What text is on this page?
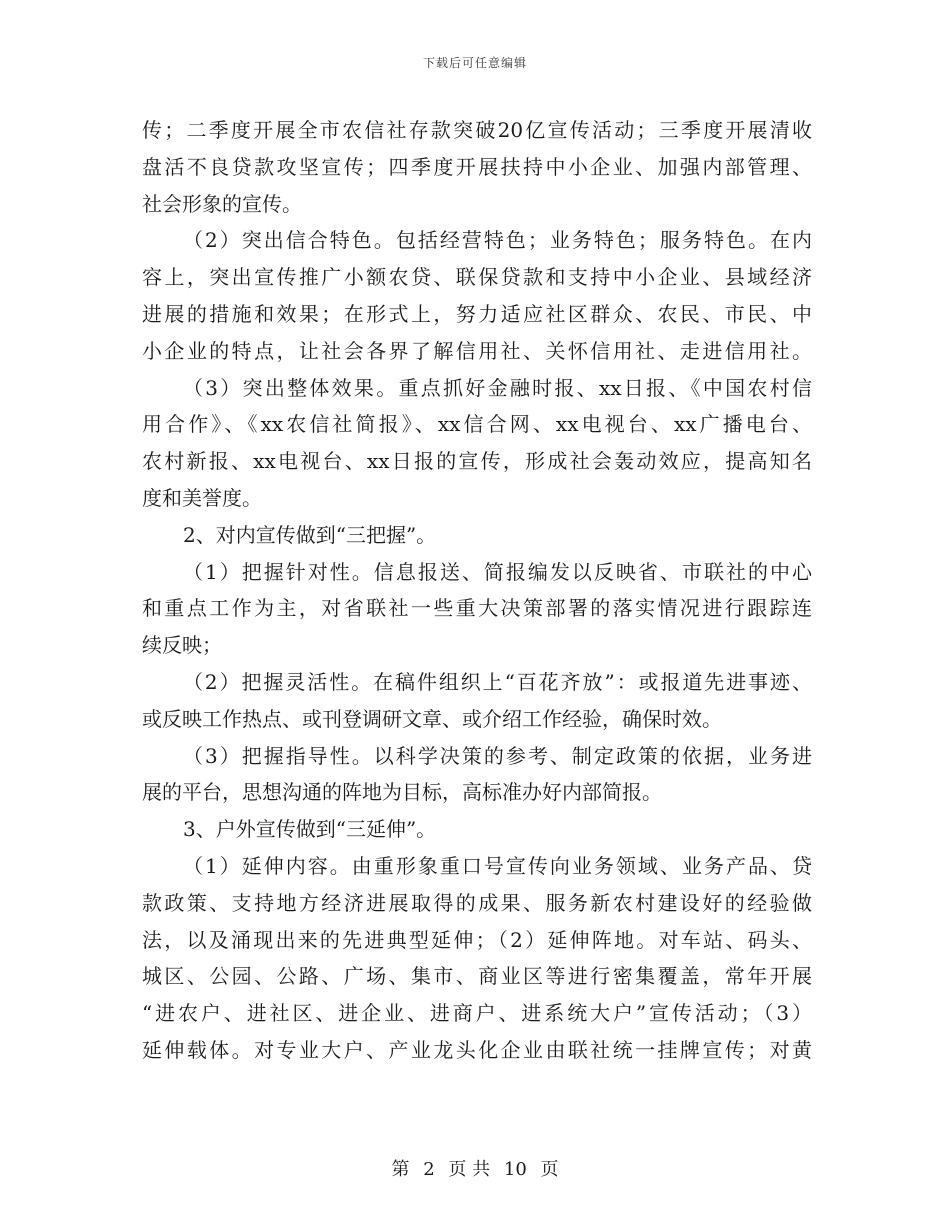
下载后可任意编辑
传；二季度开展全市农信社存款突破20亿宣传活动；三季度开展清收
盘活不良贷款攻坚宣传；四季度开展扶持中小企业、加强内部管理、
社会形象的宣传。
（2）突出信合特色。包括经营特色；业务特色；服务特色。在内
容上，突出宣传推广小额农贷、联保贷款和支持中小企业、县域经济
进展的措施和效果；在形式上，努力适应社区群众、农民、市民、中
小企业的特点，让社会各界了解信用社、关怀信用社、走进信用社。
（3）突出整体效果。重点抓好金融时报、xx日报、《中国农村信
用合作》、《xx农信社简报》、xx信合网、xx电视台、xx广播电台、
农村新报、xx电视台、xx日报的宣传，形成社会轰动效应，提高知名
度和美誉度。
2、对内宣传做到“三把握”。
（1）把握针对性。信息报送、简报编发以反映省、市联社的中心
和重点工作为主，对省联社一些重大决策部署的落实情况进行跟踪连
续反映；
（2）把握灵活性。在稿件组织上“百花齐放”：或报道先进事迹、
或反映工作热点、或刊登调研文章、或介绍工作经验，确保时效。
（3）把握指导性。以科学决策的参考、制定政策的依据，业务进
展的平台，思想沟通的阵地为目标，高标准办好内部简报。
3、户外宣传做到“三延伸”。
（1）延伸内容。由重形象重口号宣传向业务领域、业务产品、贷
款政策、支持地方经济进展取得的成果、服务新农村建设好的经验做
法，以及涌现出来的先进典型延伸；（2）延伸阵地。对车站、码头、
城区、公园、公路、广场、集市、商业区等进行密集覆盖，常年开展
“进农户、进社区、进企业、进商户、进系统大户”宣传活动；（3）
延伸载体。对专业大户、产业龙头化企业由联社统一挂牌宣传；对黄
第 2 页 共 10 页
